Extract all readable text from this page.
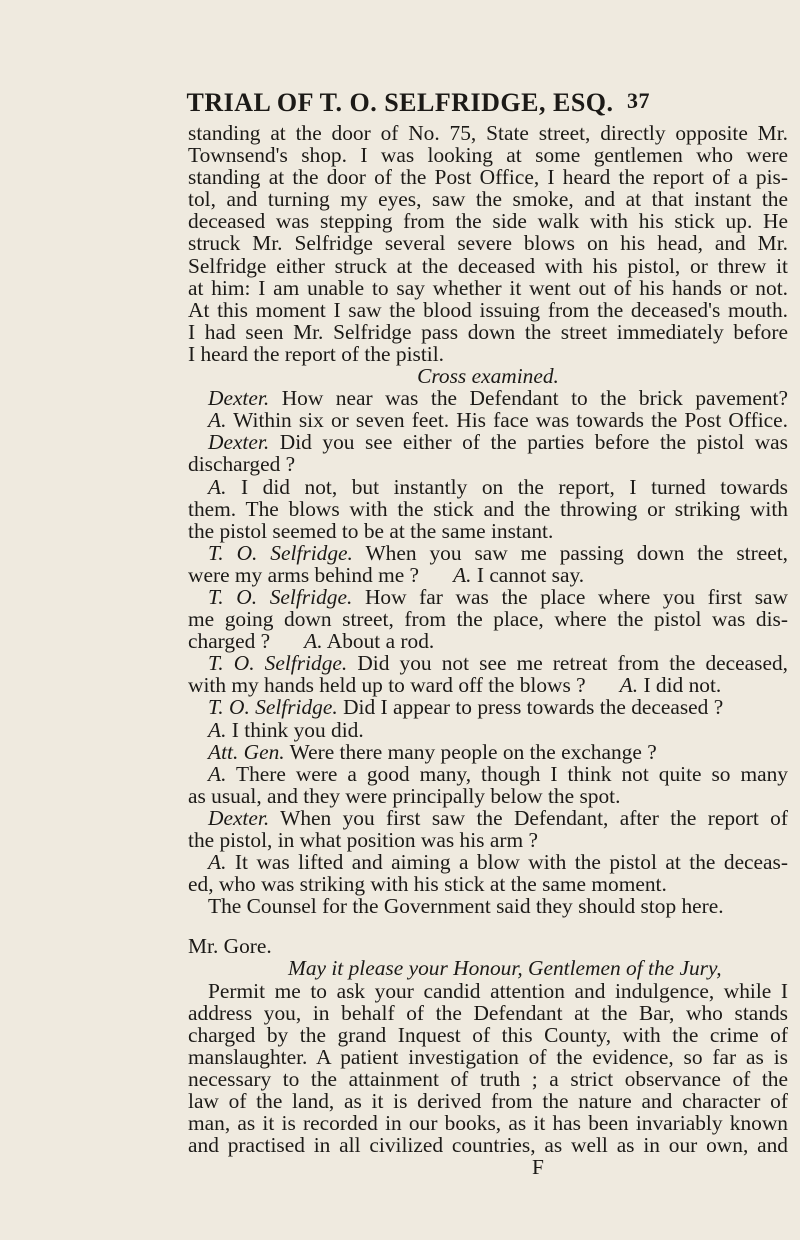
TRIAL OF T. O. SELFRIDGE, ESQ. 37
standing at the door of No. 75, State street, directly opposite Mr.
Townsend's shop. I was looking at some gentlemen who were
standing at the door of the Post Office, I heard the report of a pis-
tol, and turning my eyes, saw the smoke, and at that instant the
deceased was stepping from the side walk with his stick up. He
struck Mr. Selfridge several severe blows on his head, and Mr.
Selfridge either struck at the deceased with his pistol, or threw it
at him: I am unable to say whether it went out of his hands or not.
At this moment I saw the blood issuing from the deceased's mouth.
I had seen Mr. Selfridge pass down the street immediately before
I heard the report of the pistil.
Cross examined.
Dexter. How near was the Defendant to the brick pavement?
A. Within six or seven feet. His face was towards the Post Office.
Dexter. Did you see either of the parties before the pistol was
discharged ?
A. I did not, but instantly on the report, I turned towards
them. The blows with the stick and the throwing or striking with
the pistol seemed to be at the same instant.
T. O. Selfridge. When you saw me passing down the street,
were my arms behind me ? A. I cannot say.
T. O. Selfridge. How far was the place where you first saw
me going down street, from the place, where the pistol was dis-
charged ? A. About a rod.
T. O. Selfridge. Did you not see me retreat from the deceased,
with my hands held up to ward off the blows ? A. I did not.
T. O. Selfridge. Did I appear to press towards the deceased ?
A. I think you did.
Att. Gen. Were there many people on the exchange ?
A. There were a good many, though I think not quite so many
as usual, and they were principally below the spot.
Dexter. When you first saw the Defendant, after the report of
the pistol, in what position was his arm ?
A. It was lifted and aiming a blow with the pistol at the deceas-
ed, who was striking with his stick at the same moment.
The Counsel for the Government said they should stop here.
Mr. Gore.
May it please your Honour, Gentlemen of the Jury,
Permit me to ask your candid attention and indulgence, while I
address you, in behalf of the Defendant at the Bar, who stands
charged by the grand Inquest of this County, with the crime of
manslaughter. A patient investigation of the evidence, so far as is
necessary to the attainment of truth ; a strict observance of the
law of the land, as it is derived from the nature and character of
man, as it is recorded in our books, as it has been invariably known
and practised in all civilized countries, as well as in our own, and
F
